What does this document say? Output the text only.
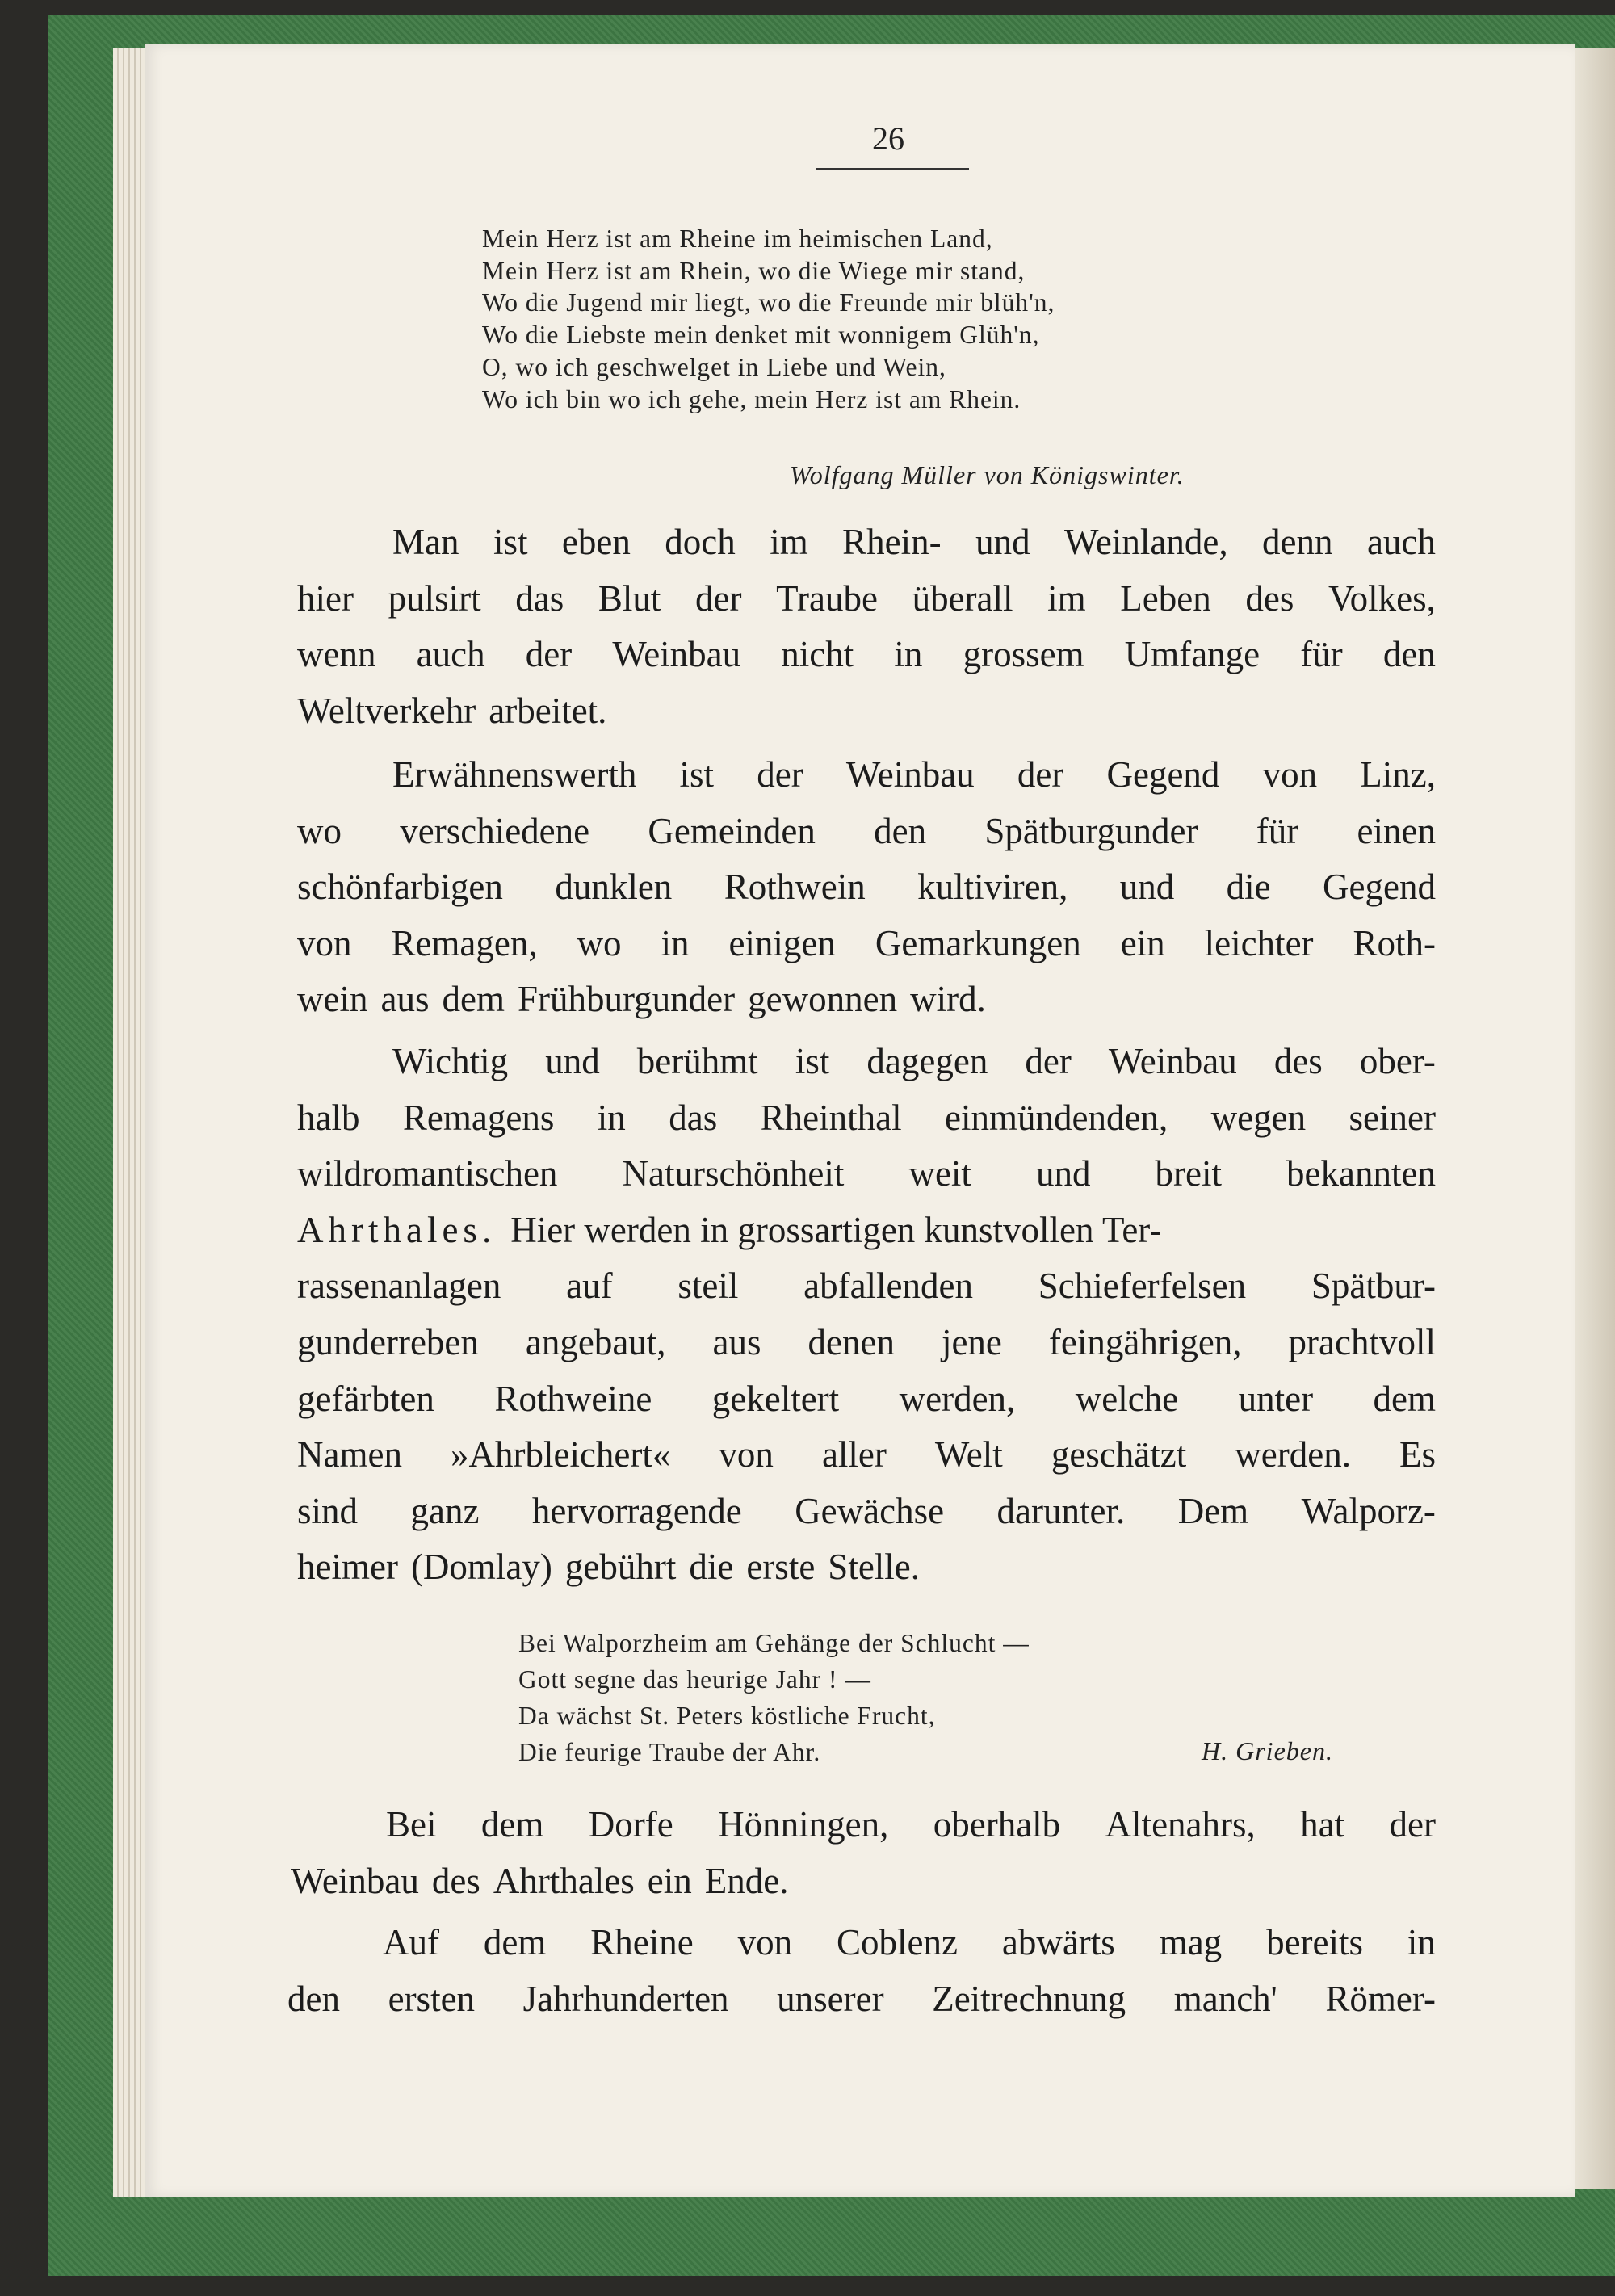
26
Mein Herz ist am Rheine im heimischen Land,
Mein Herz ist am Rhein, wo die Wiege mir stand,
Wo die Jugend mir liegt, wo die Freunde mir blüh'n,
Wo die Liebste mein denket mit wonnigem Glüh'n,
O, wo ich geschwelget in Liebe und Wein,
Wo ich bin wo ich gehe, mein Herz ist am Rhein.
Wolfgang Müller von Königswinter.
Man ist eben doch im Rhein- und Weinlande, denn auch
hier pulsirt das Blut der Traube überall im Leben des Volkes,
wenn auch der Weinbau nicht in grossem Umfange für den
Weltverkehr arbeitet.
Erwähnenswerth ist der Weinbau der Gegend von Linz,
wo verschiedene Gemeinden den Spätburgunder für einen
schönfarbigen dunklen Rothwein kultiviren, und die Gegend
von Remagen, wo in einigen Gemarkungen ein leichter Roth-
wein aus dem Frühburgunder gewonnen wird.
Wichtig und berühmt ist dagegen der Weinbau des ober-
halb Remagens in das Rheinthal einmündenden, wegen seiner
wildromantischen Naturschönheit weit und breit bekannten
Ahrthales. Hier werden in grossartigen kunstvollen Ter-
rassenanlagen auf steil abfallenden Schieferfelsen Spätbur-
gunderreben angebaut, aus denen jene feingährigen, prachtvoll
gefärbten Rothweine gekeltert werden, welche unter dem
Namen »Ahrbleichert« von aller Welt geschätzt werden. Es
sind ganz hervorragende Gewächse darunter. Dem Walporz-
heimer (Domlay) gebührt die erste Stelle.
Bei Walporzheim am Gehänge der Schlucht —
Gott segne das heurige Jahr ! —
Da wächst St. Peters köstliche Frucht,
Die feurige Traube der Ahr.	H. Grieben.
Bei dem Dorfe Hönningen, oberhalb Altenahrs, hat der
Weinbau des Ahrthales ein Ende.
Auf dem Rheine von Coblenz abwärts mag bereits in
den ersten Jahrhunderten unserer Zeitrechnung manch' Römer-
